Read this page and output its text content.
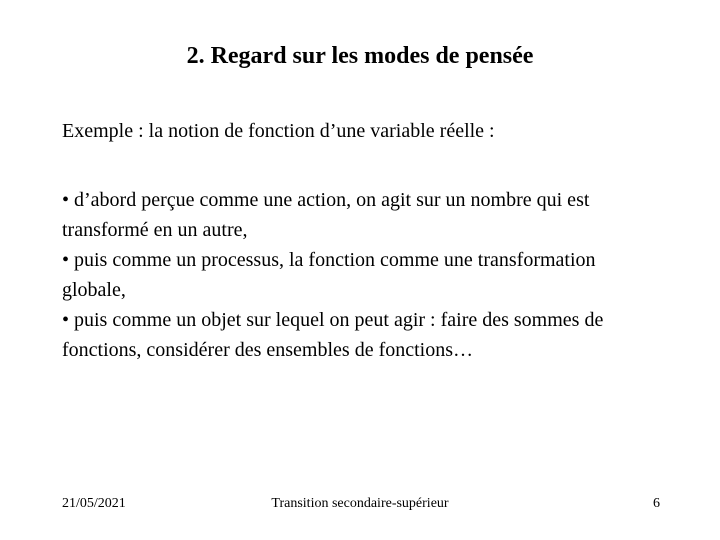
2. Regard sur les modes de pensée

Exemple : la notion de fonction d’une variable réelle :

• d’abord perçue comme une action, on agit sur un nombre qui est transformé en un autre,
• puis comme un processus, la fonction comme une transformation globale,
• puis comme un objet sur lequel on peut agir : faire des sommes de fonctions, considérer des ensembles de fonctions…
21/05/2021	Transition secondaire-supérieur	6
